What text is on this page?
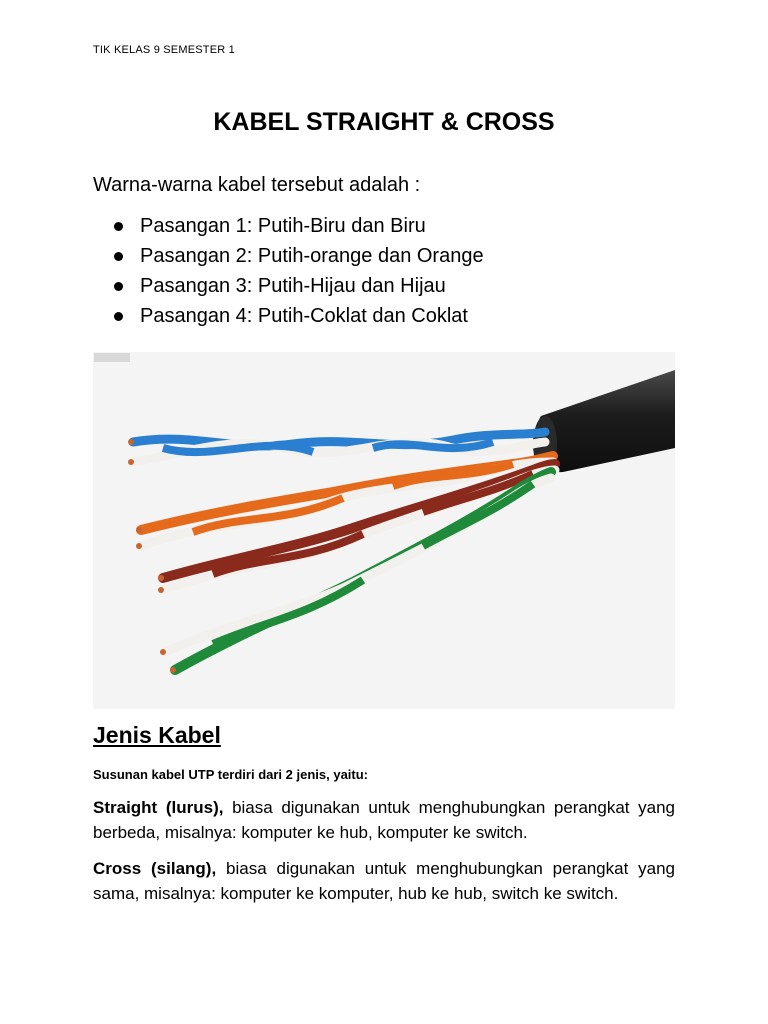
TIK KELAS 9 SEMESTER 1
KABEL STRAIGHT & CROSS
Warna-warna kabel tersebut adalah :
Pasangan 1: Putih-Biru dan Biru
Pasangan 2: Putih-orange dan Orange
Pasangan 3: Putih-Hijau dan Hijau
Pasangan 4: Putih-Coklat dan Coklat
Jenis Kabel
Susunan kabel UTP terdiri dari 2 jenis, yaitu:
Straight (lurus), biasa digunakan untuk menghubungkan perangkat yang berbeda, misalnya: komputer ke hub, komputer ke switch.
Cross (silang), biasa digunakan untuk menghubungkan perangkat yang sama, misalnya: komputer ke komputer, hub ke hub, switch ke switch.
